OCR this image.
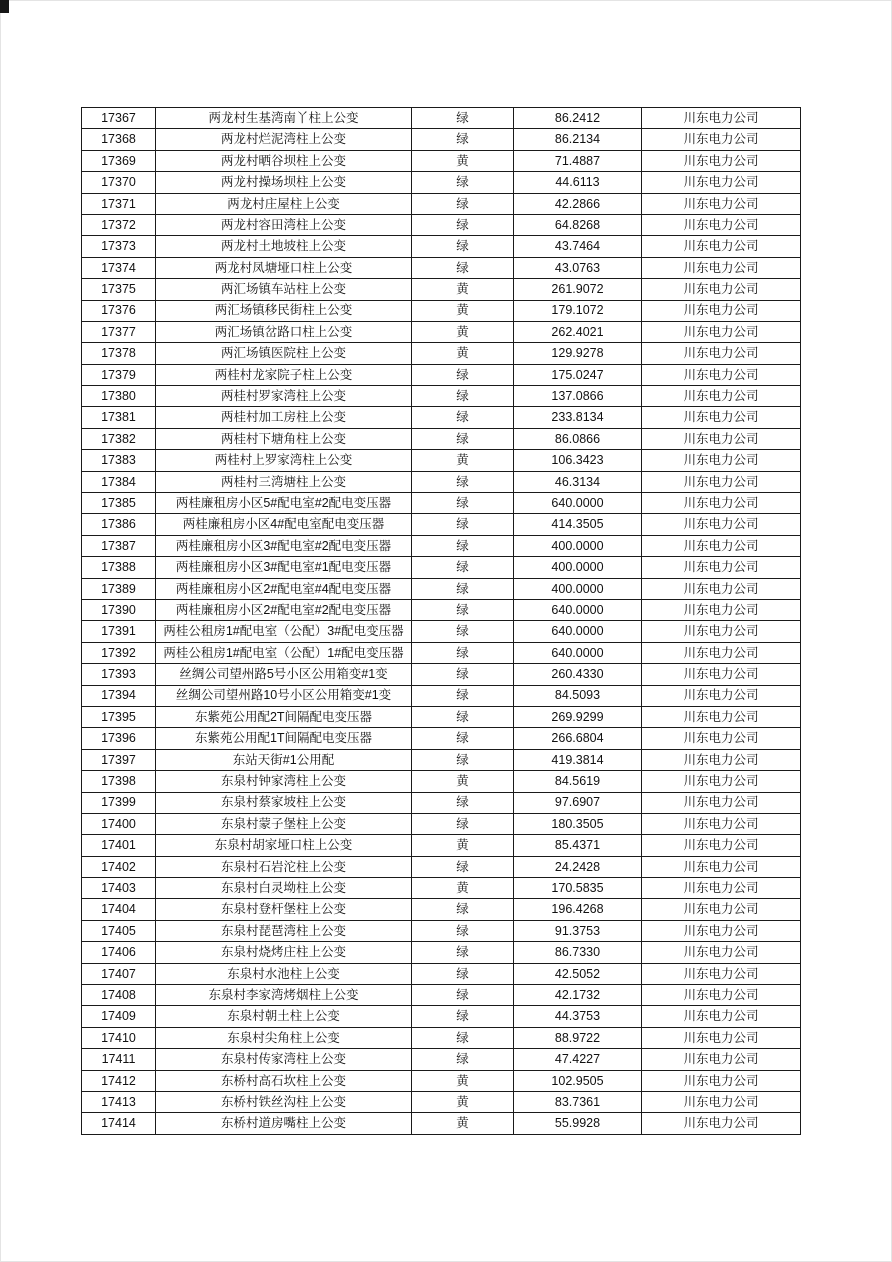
17367	两龙村生基湾南丫柱上公变	绿	86.2412	川东电力公司
17368	两龙村烂泥湾柱上公变	绿	86.2134	川东电力公司
17369	两龙村晒谷坝柱上公变	黄	71.4887	川东电力公司
17370	两龙村操场坝柱上公变	绿	44.6113	川东电力公司
17371	两龙村庄屋柱上公变	绿	42.2866	川东电力公司
17372	两龙村容田湾柱上公变	绿	64.8268	川东电力公司
17373	两龙村土地坡柱上公变	绿	43.7464	川东电力公司
17374	两龙村凤塘垭口柱上公变	绿	43.0763	川东电力公司
17375	两汇场镇车站柱上公变	黄	261.9072	川东电力公司
17376	两汇场镇移民街柱上公变	黄	179.1072	川东电力公司
17377	两汇场镇岔路口柱上公变	黄	262.4021	川东电力公司
17378	两汇场镇医院柱上公变	黄	129.9278	川东电力公司
17379	两桂村龙家院子柱上公变	绿	175.0247	川东电力公司
17380	两桂村罗家湾柱上公变	绿	137.0866	川东电力公司
17381	两桂村加工房柱上公变	绿	233.8134	川东电力公司
17382	两桂村下塘角柱上公变	绿	86.0866	川东电力公司
17383	两桂村上罗家湾柱上公变	黄	106.3423	川东电力公司
17384	两桂村三湾塘柱上公变	绿	46.3134	川东电力公司
17385	两桂廉租房小区5#配电室#2配电变压器	绿	640.0000	川东电力公司
17386	两桂廉租房小区4#配电室配电变压器	绿	414.3505	川东电力公司
17387	两桂廉租房小区3#配电室#2配电变压器	绿	400.0000	川东电力公司
17388	两桂廉租房小区3#配电室#1配电变压器	绿	400.0000	川东电力公司
17389	两桂廉租房小区2#配电室#4配电变压器	绿	400.0000	川东电力公司
17390	两桂廉租房小区2#配电室#2配电变压器	绿	640.0000	川东电力公司
17391	两桂公租房1#配电室（公配）3#配电变压器	绿	640.0000	川东电力公司
17392	两桂公租房1#配电室（公配）1#配电变压器	绿	640.0000	川东电力公司
17393	丝绸公司望州路5号小区公用箱变#1变	绿	260.4330	川东电力公司
17394	丝绸公司望州路10号小区公用箱变#1变	绿	84.5093	川东电力公司
17395	东紫苑公用配2T间隔配电变压器	绿	269.9299	川东电力公司
17396	东紫苑公用配1T间隔配电变压器	绿	266.6804	川东电力公司
17397	东站天街#1公用配	绿	419.3814	川东电力公司
17398	东泉村钟家湾柱上公变	黄	84.5619	川东电力公司
17399	东泉村蔡家坡柱上公变	绿	97.6907	川东电力公司
17400	东泉村蒙子堡柱上公变	绿	180.3505	川东电力公司
17401	东泉村胡家垭口柱上公变	黄	85.4371	川东电力公司
17402	东泉村石岩沱柱上公变	绿	24.2428	川东电力公司
17403	东泉村白灵坳柱上公变	黄	170.5835	川东电力公司
17404	东泉村登杆堡柱上公变	绿	196.4268	川东电力公司
17405	东泉村琵琶湾柱上公变	绿	91.3753	川东电力公司
17406	东泉村烧烤庄柱上公变	绿	86.7330	川东电力公司
17407	东泉村水池柱上公变	绿	42.5052	川东电力公司
17408	东泉村李家湾烤烟柱上公变	绿	42.1732	川东电力公司
17409	东泉村朝土柱上公变	绿	44.3753	川东电力公司
17410	东泉村尖角柱上公变	绿	88.9722	川东电力公司
17411	东泉村传家湾柱上公变	绿	47.4227	川东电力公司
17412	东桥村高石坎柱上公变	黄	102.9505	川东电力公司
17413	东桥村铁丝沟柱上公变	黄	83.7361	川东电力公司
17414	东桥村道房嘴柱上公变	黄	55.9928	川东电力公司
